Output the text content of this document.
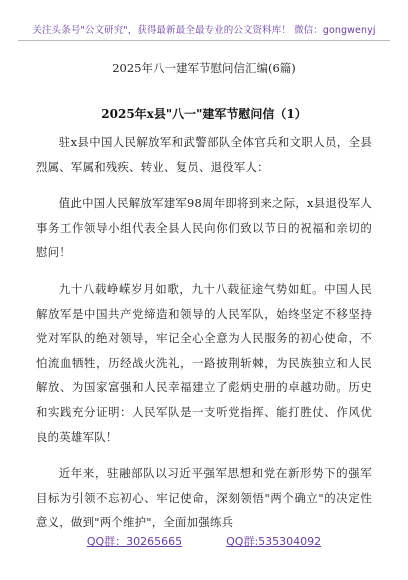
关注头条号"公文研究"，获得最新最全最专业的公文资料库！ 微信：gongwenyj
2025年八一建军节慰问信汇编(6篇)
2025年x县"八一"建军节慰问信（1）

驻x县中国人民解放军和武警部队全体官兵和文职人员，全县烈属、军属和残疾、转业、复员、退役军人：

值此中国人民解放军建军98周年即将到来之际，x县退役军人事务工作领导小组代表全县人民向你们致以节日的祝福和亲切的慰问！

九十八载峥嵘岁月如歌，九十八载征途气势如虹。中国人民解放军是中国共产党缔造和领导的人民军队，始终坚定不移坚持党对军队的绝对领导，牢记全心全意为人民服务的初心使命，不怕流血牺牲，历经战火洗礼，一路披荆斩棘，为民族独立和人民解放、为国家富强和人民幸福建立了彪炳史册的卓越功勋。历史和实践充分证明：人民军队是一支听党指挥、能打胜仗、作风优良的英雄军队！

近年来，驻融部队以习近平强军思想和党在新形势下的强军目标为引领不忘初心、牢记使命，深刻领悟"两个确立"的决定性意义，做到"两个维护"，全面加强练兵

QQ群：30265665	QQ群:535304092
